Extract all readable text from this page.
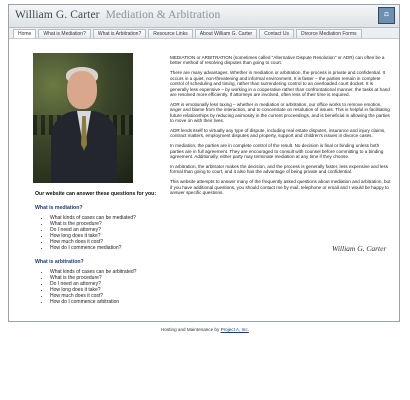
William G. Carter Mediation & Arbitration	⚖
Home	What is Mediation?	What is Arbitration?	Resource Links	About William G. Carter	Contact Us	Divorce Mediation Forms
Our website can answer these questions for you:
What is mediation?
• What kinds of cases can be mediated?
• What is the procedure?
• Do I need an attorney?
• How long does it take?
• How much does it cost?
• How do I commence mediation?
What is arbitration?
• What kinds of cases can be arbitrated?
• What is the procedure?
• Do I need an attorney?
• How long does it take?
• How much does it cost?
• How do I commence arbitration

MEDIATION or ARBITRATION (sometimes called "Alternative Dispute Resolution" or ADR) can often be a better method of resolving disputes than going to court.

There are many advantages. Whether in mediation or arbitration, the process is private and confidential. It occurs in a quiet, non-threatening and informal environment. It is faster – the parties remain in complete control of scheduling and timing, rather than surrendering control to an overloaded court docket. It is generally less expensive – by working in a cooperative rather than confrontational manner, the tasks at hand are resolved more efficiently. If attorneys are involved, often less of their time is required.

ADR is emotionally less taxing – whether in mediation or arbitration, our office works to remove emotion, anger and blame from the interaction, and to concentrate on resolution of issues. This is helpful in facilitating future relationships by reducing animosity in the current proceedings, and is beneficial in allowing the parties to move on with their lives.

ADR lends itself to virtually any type of dispute, including real estate disputes, insurance and injury claims, contract matters, employment disputes and property, support and children's issues in divorce cases.

In mediation, the parties are in complete control of the result. No decision is final or binding unless both parties are in full agreement. They are encouraged to consult with counsel before committing to a binding agreement. Additionally, either party may terminate mediation at any time if they choose.

In arbitration, the arbitrator makes the decision, and the process is generally faster, less expensive and less formal than going to court, and it also has the advantage of being private and confidential.

This website attempts to answer many of the frequently asked questions about mediation and arbitration, but if you have additional questions, you should contact me by mail, telephone or email and I would be happy to answer specific questions.

William G. Carter
Hosting and Maintenance by Project A, Inc.
